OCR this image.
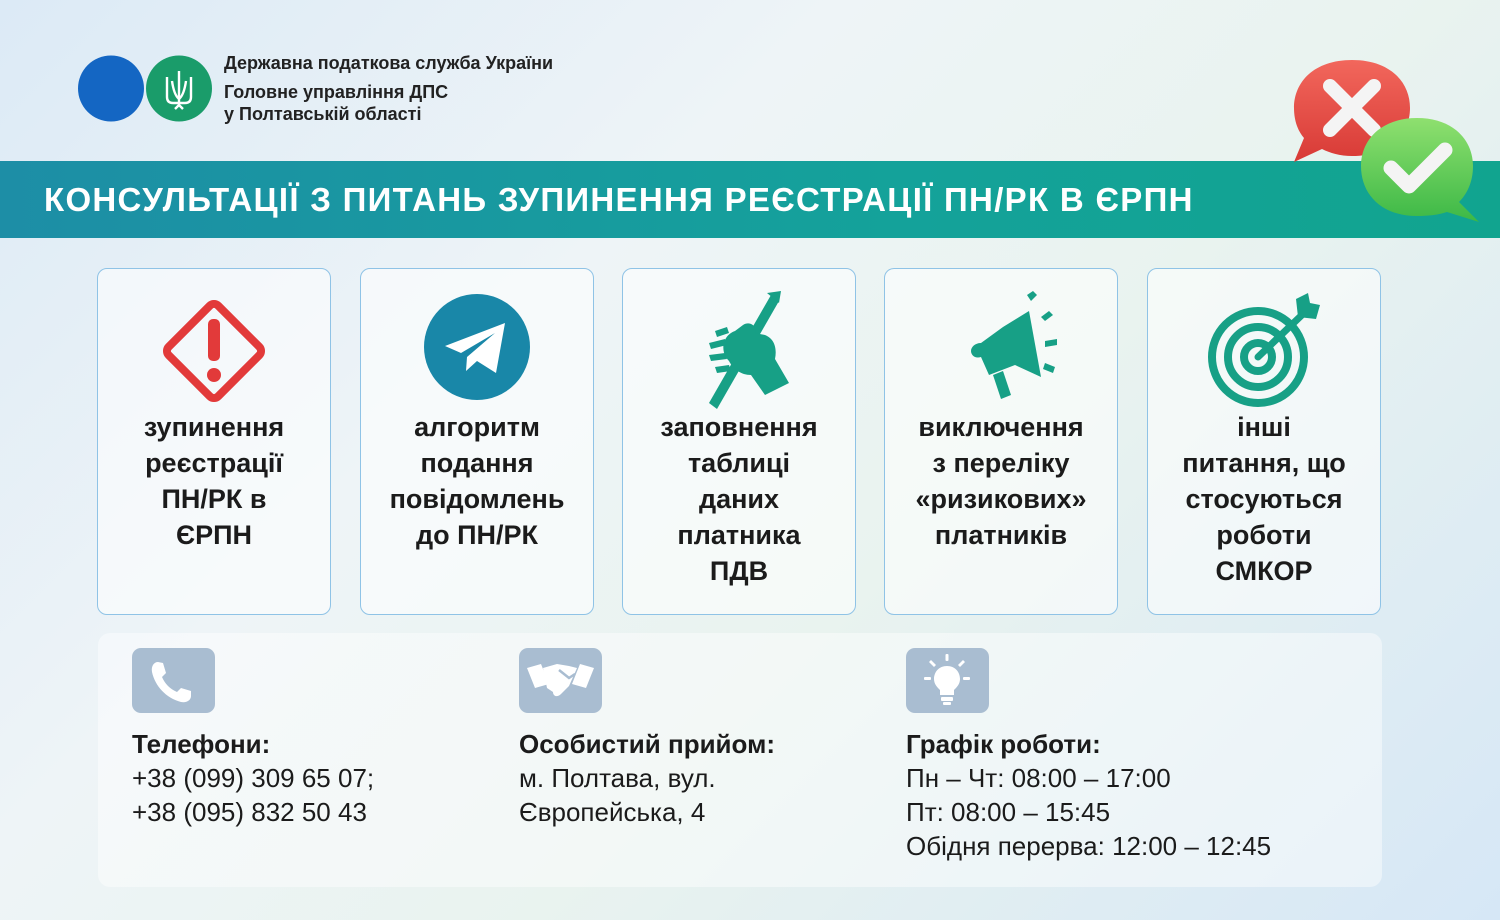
Державна податкова служба України
Головне управління ДПС
у Полтавській області
КОНСУЛЬТАЦІЇ З ПИТАНЬ ЗУПИНЕННЯ РЕЄСТРАЦІЇ ПН/РК В ЄРПН
зупинення
реєстрації
ПН/РК в
ЄРПН
алгоритм
подання
повідомлень
до ПН/РК
заповнення
таблиці
даних
платника
ПДВ
виключення
з переліку
«ризикових»
платників
інші
питання, що
стосуються
роботи
СМКОР
Телефони:
+38 (099) 309 65 07;
+38 (095) 832 50 43
Особистий прийом:
м. Полтава, вул.
Європейська, 4
Графік роботи:
Пн – Чт: 08:00 – 17:00
Пт: 08:00 – 15:45
Обідня перерва: 12:00 – 12:45
